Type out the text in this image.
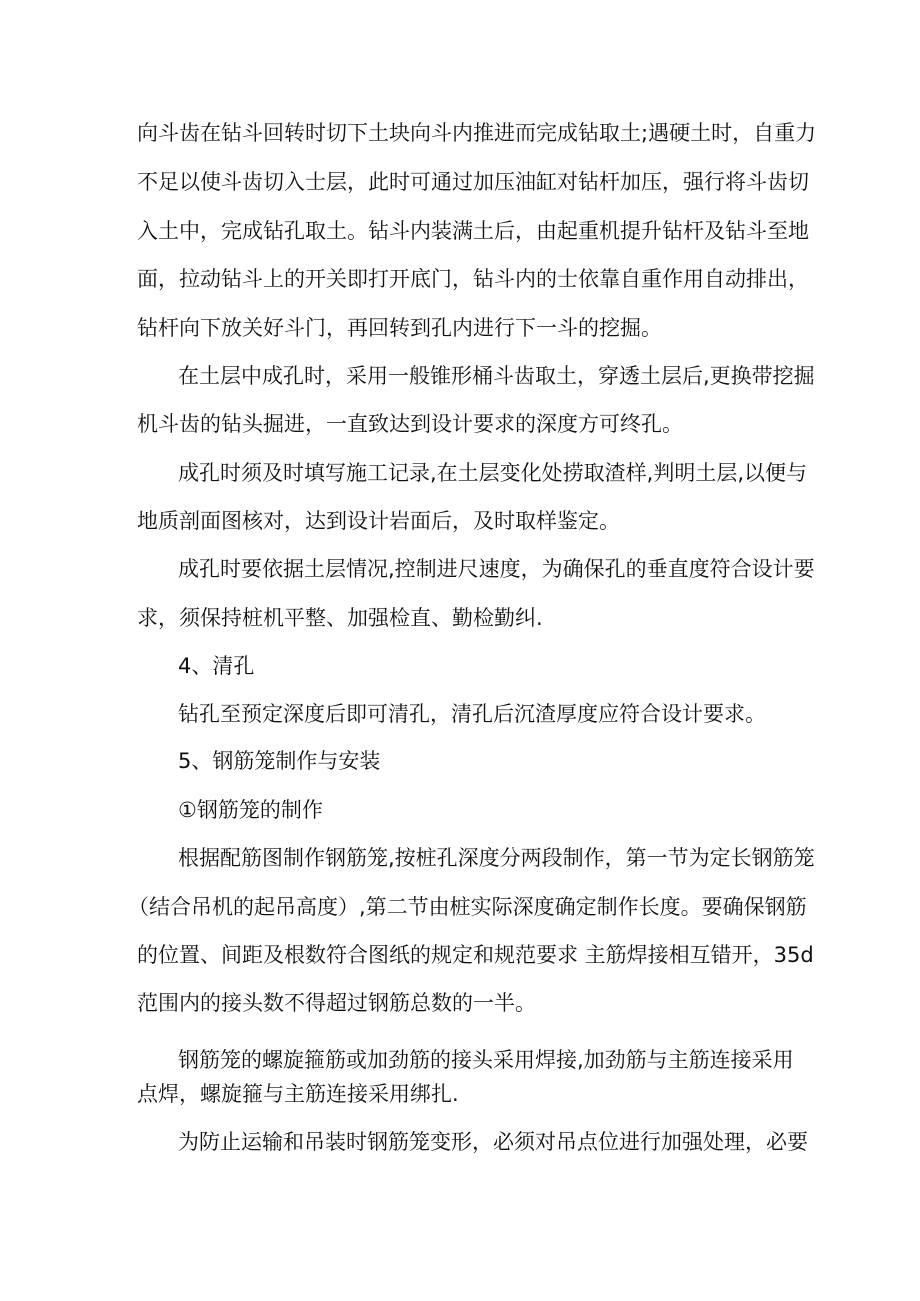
向斗齿在钻斗回转时切下土块向斗内推进而完成钻取土;遇硬土时，自重力
不足以使斗齿切入士层，此时可通过加压油缸对钻杆加压，强行将斗齿切
入土中，完成钻孔取土。钻斗内装满土后，由起重机提升钻杆及钻斗至地
面，拉动钻斗上的开关即打开底门，钻斗内的士依靠自重作用自动排出，
钻杆向下放关好斗门，再回转到孔内进行下一斗的挖掘。
在土层中成孔时，采用一般锥形桶斗齿取土，穿透土层后,更换带挖掘
机斗齿的钻头掘进，一直致达到设计要求的深度方可终孔。
成孔时须及时填写施工记录,在土层变化处捞取渣样,判明土层,以便与
地质剖面图核对，达到设计岩面后，及时取样鉴定。
成孔时要依据土层情况,控制进尺速度，为确保孔的垂直度符合设计要
求，须保持桩机平整、加强检直、勤检勤纠.
4、清孔
钻孔至预定深度后即可清孔，清孔后沉渣厚度应符合设计要求。
5、钢筋笼制作与安装
①钢筋笼的制作
根据配筋图制作钢筋笼,按桩孔深度分两段制作，第一节为定长钢筋笼
（结合吊机的起吊高度）,第二节由桩实际深度确定制作长度。要确保钢筋
的位置、间距及根数符合图纸的规定和规范要求 主筋焊接相互错开，35d
范围内的接头数不得超过钢筋总数的一半。
钢筋笼的螺旋箍筋或加劲筋的接头采用焊接,加劲筋与主筋连接采用
点焊，螺旋箍与主筋连接采用绑扎.
为防止运输和吊装时钢筋笼变形，必须对吊点位进行加强处理，必要
